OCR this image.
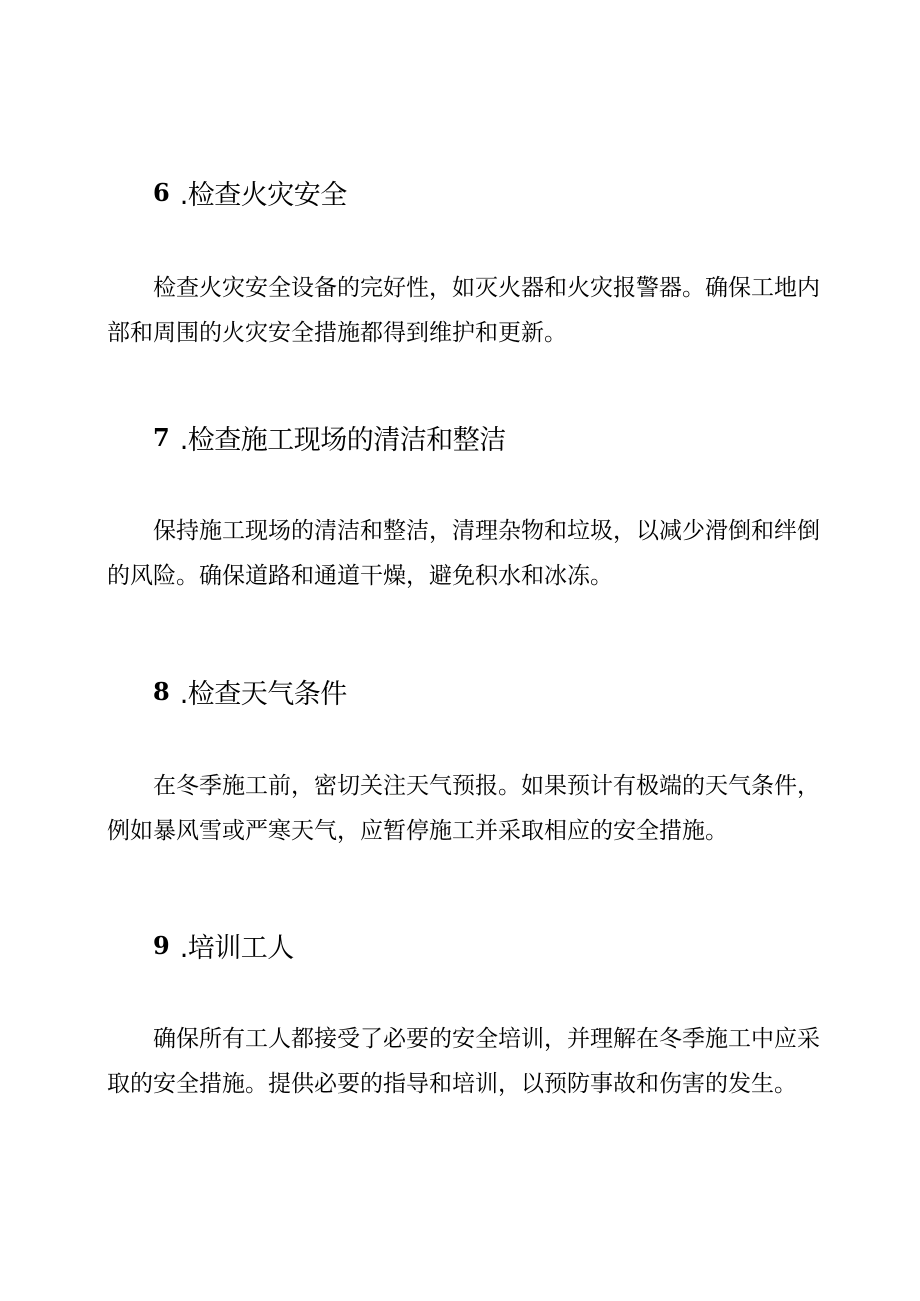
6 .检查火灾安全
检查火灾安全设备的完好性，如灭火器和火灾报警器。确保工地内
部和周围的火灾安全措施都得到维护和更新。
7 .检查施工现场的清洁和整洁
保持施工现场的清洁和整洁，清理杂物和垃圾，以减少滑倒和绊倒
的风险。确保道路和通道干燥，避免积水和冰冻。
8 .检查天气条件
在冬季施工前，密切关注天气预报。如果预计有极端的天气条件，
例如暴风雪或严寒天气，应暂停施工并采取相应的安全措施。
9 .培训工人
确保所有工人都接受了必要的安全培训，并理解在冬季施工中应采
取的安全措施。提供必要的指导和培训，以预防事故和伤害的发生。
